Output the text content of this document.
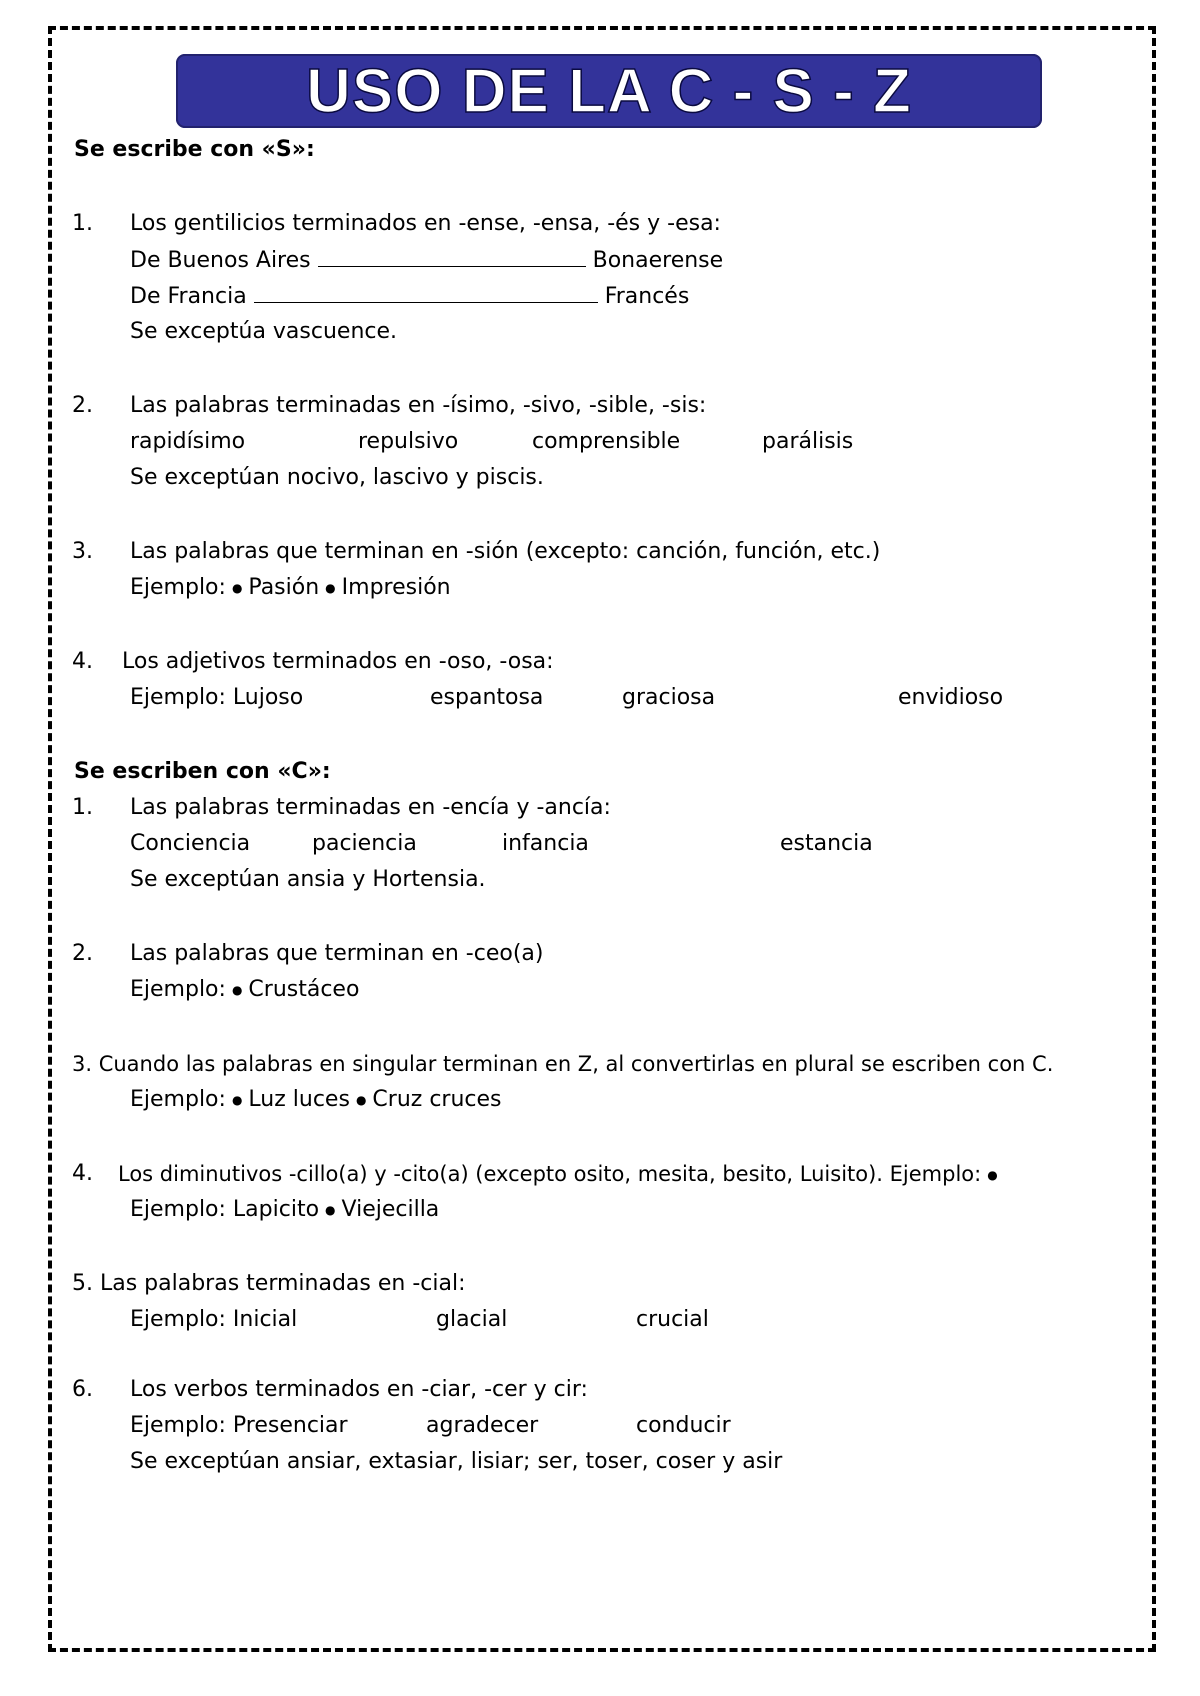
USO DE LA C - S - Z
Se escribe con «S»:
1. Los gentilicios terminados en -ense, -ensa, -és y -esa:
De Buenos Aires	Bonaerense
De Francia	Francés
Se exceptúa vascuence.
2. Las palabras terminadas en -ísimo, -sivo, -sible, -sis:
rapidísimo	repulsivo	comprensible	parálisis
Se exceptúan nocivo, lascivo y piscis.
3. Las palabras que terminan en -sión (excepto: canción, función, etc.)
Ejemplo: ● Pasión ● Impresión
4. Los adjetivos terminados en -oso, -osa:
Ejemplo: Lujoso	espantosa	graciosa	envidioso
Se escriben con «C»:
1. Las palabras terminadas en -encía y -ancía:
Conciencia	paciencia	infancia	estancia
Se exceptúan ansia y Hortensia.
2. Las palabras que terminan en -ceo(a)
Ejemplo: ● Crustáceo
3. Cuando las palabras en singular terminan en Z, al convertirlas en plural se escriben con C.
Ejemplo: ● Luz luces ● Cruz cruces
4. Los diminutivos -cillo(a) y -cito(a) (excepto osito, mesita, besito, Luisito). Ejemplo: ●
Ejemplo: Lapicito ● Viejecilla
5. Las palabras terminadas en -cial:
Ejemplo: Inicial	glacial	crucial
6. Los verbos terminados en -ciar, -cer y cir:
Ejemplo: Presenciar	agradecer	conducir
Se exceptúan ansiar, extasiar, lisiar; ser, toser, coser y asir
